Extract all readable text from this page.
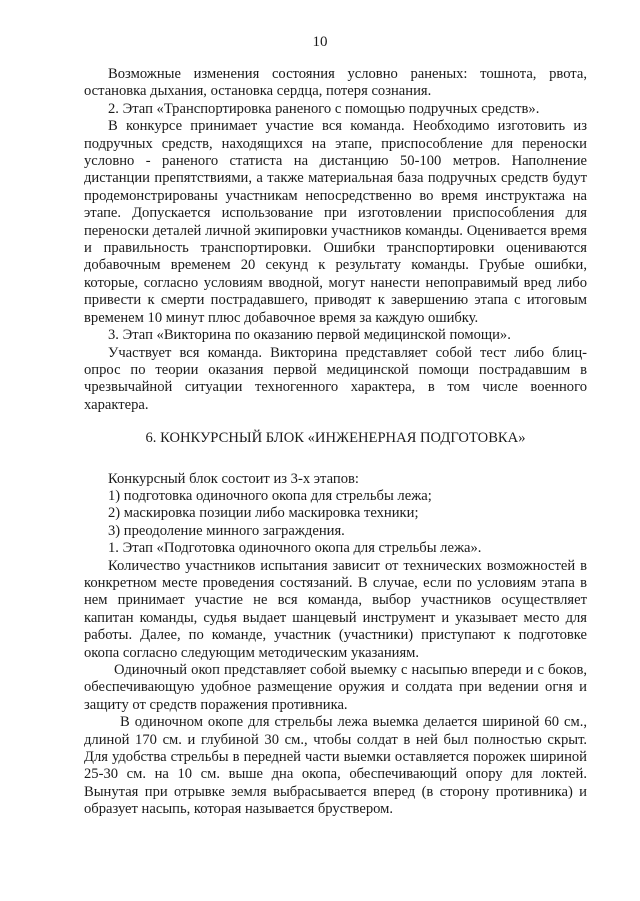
10

Возможные изменения состояния условно раненых: тошнота, рвота, остановка дыхания, остановка сердца, потеря сознания.

2. Этап «Транспортировка раненого с помощью подручных средств».

В конкурсе принимает участие вся команда. Необходимо изготовить из подручных средств, находящихся на этапе, приспособление для переноски условно - раненого статиста на дистанцию 50-100 метров. Наполнение дистанции препятствиями, а также материальная база подручных средств будут продемонстрированы участникам непосредственно во время инструктажа на этапе. Допускается использование при изготовлении приспособления для переноски деталей личной экипировки участников команды. Оценивается время и правильность транспортировки. Ошибки транспортировки оцениваются добавочным временем 20 секунд к результату команды. Грубые ошибки, которые, согласно условиям вводной, могут нанести непоправимый вред либо привести к смерти пострадавшего, приводят к завершению этапа с итоговым временем 10 минут плюс добавочное время за каждую ошибку.

3. Этап «Викторина по оказанию первой медицинской помощи».

Участвует вся команда. Викторина представляет собой тест либо блиц-опрос по теории оказания первой медицинской помощи пострадавшим в чрезвычайной ситуации техногенного характера, в том числе военного характера.

6. КОНКУРСНЫЙ БЛОК «ИНЖЕНЕРНАЯ ПОДГОТОВКА»

Конкурсный блок состоит из 3-х этапов:

1) подготовка одиночного окопа для стрельбы лежа;

2) маскировка позиции либо маскировка техники;

3) преодоление минного заграждения.

1. Этап «Подготовка одиночного окопа для стрельбы лежа».

Количество участников испытания зависит от технических возможностей в конкретном месте проведения состязаний. В случае, если по условиям этапа в нем принимает участие не вся команда, выбор участников осуществляет капитан команды, судья выдает шанцевый инструмент и указывает место для работы. Далее, по команде, участник (участники) приступают к подготовке окопа согласно следующим методическим указаниям.

Одиночный окоп представляет собой выемку с насыпью впереди и с боков, обеспечивающую удобное размещение оружия и солдата при ведении огня и защиту от средств поражения противника.

В одиночном окопе для стрельбы лежа выемка делается шириной 60 см., длиной 170 см. и глубиной 30 см., чтобы солдат в ней был полностью скрыт. Для удобства стрельбы в передней части выемки оставляется порожек шириной 25-30 см. на 10 см. выше дна окопа, обеспечивающий опору для локтей. Вынутая при отрывке земля выбрасывается вперед (в сторону противника) и образует насыпь, которая называется бруствером.
